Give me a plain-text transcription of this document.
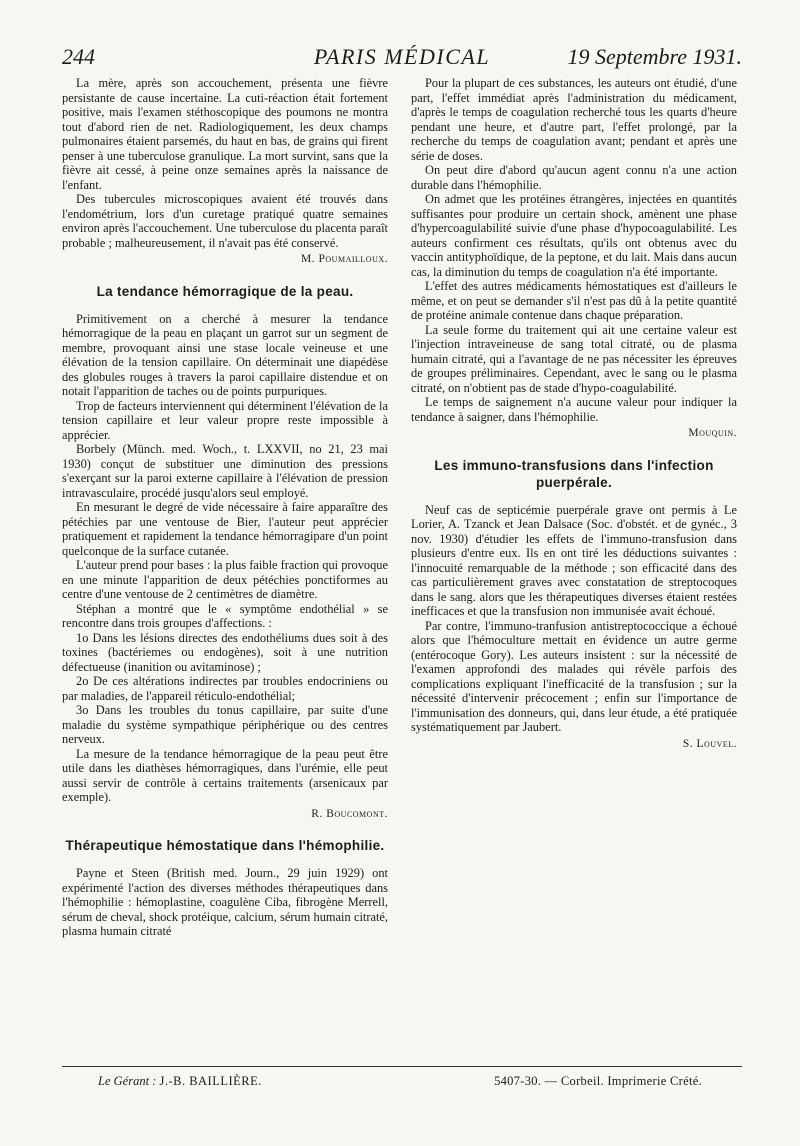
244	PARIS MÉDICAL	19 Septembre 1931.

La mère, après son accouchement, présenta une fièvre persistante de cause incertaine. La cuti-réaction était fortement positive, mais l'examen stéthoscopique des poumons ne montra tout d'abord rien de net. Radiologiquement, les deux champs pulmonaires étaient parsemés, du haut en bas, de grains qui firent penser à une tuberculose granulique. La mort survint, sans que la fièvre ait cessé, à peine onze semaines après la naissance de l'enfant.

Des tubercules microscopiques avaient été trouvés dans l'endométrium, lors d'un curetage pratiqué quatre semaines environ après l'accouchement. Une tuberculose du placenta paraît probable ; malheureusement, il n'avait pas été conservé.

M. Poumailloux.
La tendance hémorragique de la peau.

Primitivement on a cherché à mesurer la tendance hémorragique de la peau en plaçant un garrot sur un segment de membre, provoquant ainsi une stase locale veineuse et une élévation de la tension capillaire. On déterminait une diapédèse des globules rouges à travers la paroi capillaire distendue et on notait l'apparition de taches ou de points purpuriques.

Trop de facteurs interviennent qui déterminent l'élévation de la tension capillaire et leur valeur propre reste impossible à apprécier.

Borbely (Münch. med. Woch., t. LXXVII, no 21, 23 mai 1930) conçut de substituer une diminution des pressions s'exerçant sur la paroi externe capillaire à l'élévation de pression intravasculaire, procédé jusqu'alors seul employé.

En mesurant le degré de vide nécessaire à faire apparaître des pétéchies par une ventouse de Bier, l'auteur peut apprécier pratiquement et rapidement la tendance hémorragipare d'un point quelconque de la surface cutanée.

L'auteur prend pour bases : la plus faible fraction qui provoque en une minute l'apparition de deux pétéchies ponctiformes au centre d'une ventouse de 2 centimètres de diamètre.

Stéphan a montré que le « symptôme endothélial » se rencontre dans trois groupes d'affections. :

1o Dans les lésions directes des endothéliums dues soit à des toxines (bactériemes ou endogènes), soit à une nutrition défectueuse (inanition ou avitaminose) ;

2o De ces altérations indirectes par troubles endocriniens ou par maladies, de l'appareil réticulo-endothélial;

3o Dans les troubles du tonus capillaire, par suite d'une maladie du système sympathique périphérique ou des centres nerveux.

La mesure de la tendance hémorragique de la peau peut être utile dans les diathèses hémorragiques, dans l'urémie, elle peut aussi servir de contrôle à certains traitements (arsenicaux par exemple).

R. Boucomont.
Thérapeutique hémostatique dans l'hémophilie.

Payne et Steen (British med. Journ., 29 juin 1929) ont expérimenté l'action des diverses méthodes thérapeutiques dans l'hémophilie : hémoplastine, coagulène Ciba, fibrogène Merrell, sérum de cheval, shock protéique, calcium, sérum humain citraté, plasma humain citraté

Pour la plupart de ces substances, les auteurs ont étudié, d'une part, l'effet immédiat après l'administration du médicament, d'après le temps de coagulation recherché tous les quarts d'heure pendant une heure, et d'autre part, l'effet prolongé, par la recherche du temps de coagulation avant; pendant et après une série de doses.

On peut dire d'abord qu'aucun agent connu n'a une action durable dans l'hémophilie.

On admet que les protéines étrangères, injectées en quantités suffisantes pour produire un certain shock, amènent une phase d'hypercoagulabilité suivie d'une phase d'hypocoagulabilité. Les auteurs confirment ces résultats, qu'ils ont obtenus avec du vaccin antityphoïdique, de la peptone, et du lait. Mais dans aucun cas, la diminution du temps de coagulation n'a été importante.

L'effet des autres médicaments hémostatiques est d'ailleurs le même, et on peut se demander s'il n'est pas dû à la petite quantité de protéine animale contenue dans chaque préparation.

La seule forme du traitement qui ait une certaine valeur est l'injection intraveineuse de sang total citraté, ou de plasma humain citraté, qui a l'avantage de ne pas nécessiter les épreuves de groupes préliminaires. Cependant, avec le sang ou le plasma citraté, on n'obtient pas de stade d'hypo-coagulabilité.

Le temps de saignement n'a aucune valeur pour indiquer la tendance à saigner, dans l'hémophilie.

Mouquin.
Les immuno-transfusions dans l'infection puerpérale.

Neuf cas de septicémie puerpérale grave ont permis à Le Lorier, A. Tzanck et Jean Dalsace (Soc. d'obstét. et de gynéc., 3 nov. 1930) d'étudier les effets de l'immuno-transfusion dans plusieurs d'entre eux. Ils en ont tiré les déductions suivantes : l'innocuité remarquable de la méthode ; son efficacité dans des cas particulièrement graves avec constatation de streptocoques dans le sang. alors que les thérapeutiques diverses étaient restées inefficaces et que la transfusion non immunisée avait échoué.

Par contre, l'immuno-tranfusion antistreptococcique a échoué alors que l'hémoculture mettait en évidence un autre germe (entérocoque Gory). Les auteurs insistent : sur la nécessité de l'examen approfondi des malades qui révèle parfois des complications expliquant l'inefficacité de la transfusion ; sur la nécessité d'intervenir précocement ; enfin sur l'importance de l'immunisation des donneurs, qui, dans leur étude, a été pratiquée systématiquement par Jaubert.

S. Louvel.
Le Gérant : J.-B. BAILLIÈRE.	5407-30. — Corbeil. Imprimerie Crété.
